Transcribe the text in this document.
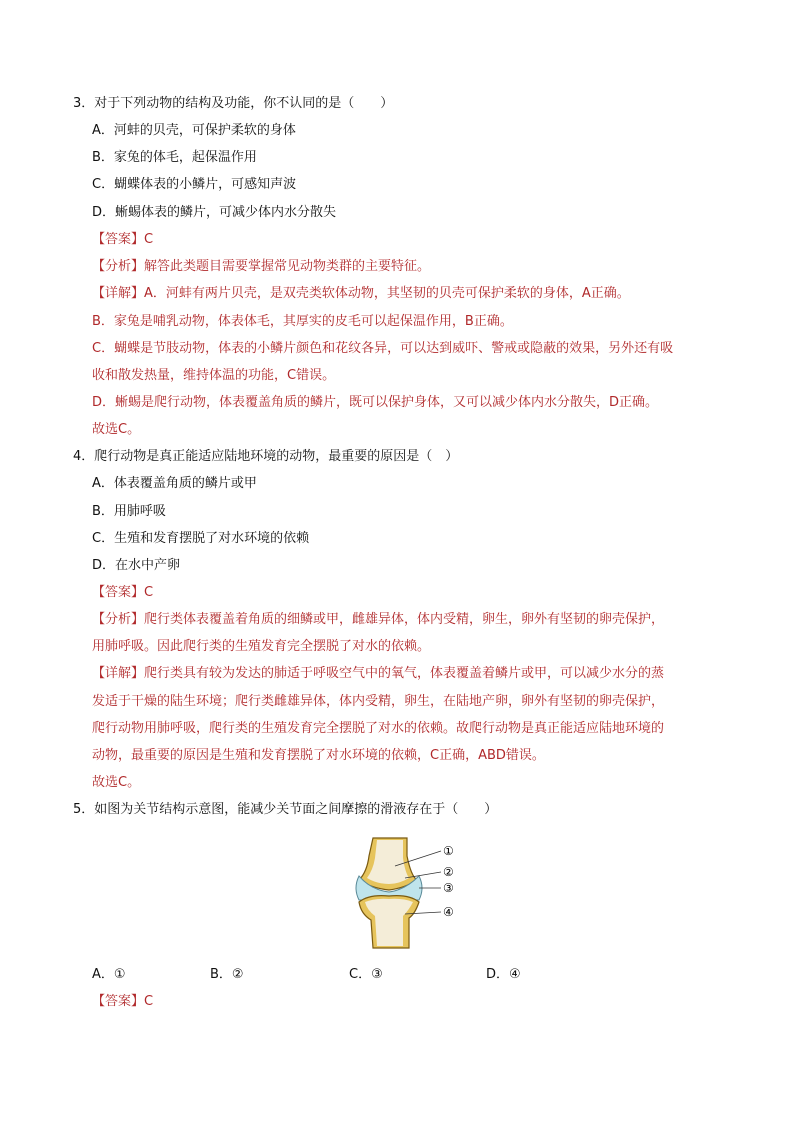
3．对于下列动物的结构及功能，你不认同的是（　　）
A．河蚌的贝壳，可保护柔软的身体
B．家兔的体毛，起保温作用
C．蝴蝶体表的小鳞片，可感知声波
D．蜥蜴体表的鳞片，可减少体内水分散失
【答案】C
【分析】解答此类题目需要掌握常见动物类群的主要特征。
【详解】A．河蚌有两片贝壳，是双壳类软体动物，其坚韧的贝壳可保护柔软的身体，A正确。
B．家兔是哺乳动物，体表体毛，其厚实的皮毛可以起保温作用，B正确。
C．蝴蝶是节肢动物，体表的小鳞片颜色和花纹各异，可以达到威吓、警戒或隐蔽的效果，另外还有吸
收和散发热量，维持体温的功能，C错误。
D．蜥蜴是爬行动物，体表覆盖角质的鳞片，既可以保护身体，又可以减少体内水分散失，D正确。
故选C。
4．爬行动物是真正能适应陆地环境的动物，最重要的原因是（　）
A．体表覆盖角质的鳞片或甲
B．用肺呼吸
C．生殖和发育摆脱了对水环境的依赖
D．在水中产卵
【答案】C
【分析】爬行类体表覆盖着角质的细鳞或甲，雌雄异体，体内受精，卵生，卵外有坚韧的卵壳保护，
用肺呼吸。因此爬行类的生殖发育完全摆脱了对水的依赖。
【详解】爬行类具有较为发达的肺适于呼吸空气中的氧气，体表覆盖着鳞片或甲，可以减少水分的蒸
发适于干燥的陆生环境；爬行类雌雄异体，体内受精，卵生，在陆地产卵，卵外有坚韧的卵壳保护，
爬行动物用肺呼吸，爬行类的生殖发育完全摆脱了对水的依赖。故爬行动物是真正能适应陆地环境的
动物，最重要的原因是生殖和发育摆脱了对水环境的依赖，C正确，ABD错误。
故选C。
5．如图为关节结构示意图，能减少关节面之间摩擦的滑液存在于（　　）
①
②
③
④
A．①	B．②	C．③	D．④
【答案】C
